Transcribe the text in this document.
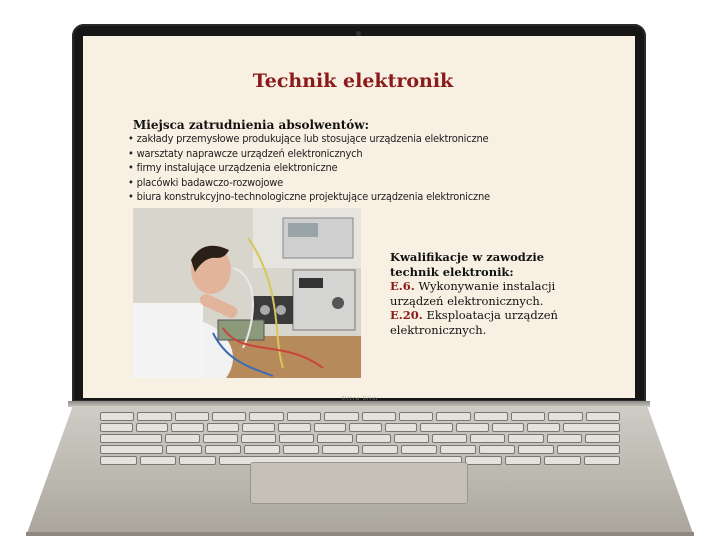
Technik elektronik
Miejsca zatrudnienia absolwentów:
• zakłady przemysłowe produkujące lub stosujące urządzenia elektroniczne
• warsztaty naprawcze urządzeń elektronicznych
• firmy instalujące urządzenia elektroniczne
• placówki badawczo-rozwojowe
• biura konstrukcyjno-technologiczne projektujące urządzenia elektroniczne
Kwalifikacje w zawodzie
technik elektronik:
E.6. Wykonywanie instalacji urządzeń elektronicznych.
E.20. Eksploatacja urządzeń elektronicznych.
Ultra Slim
